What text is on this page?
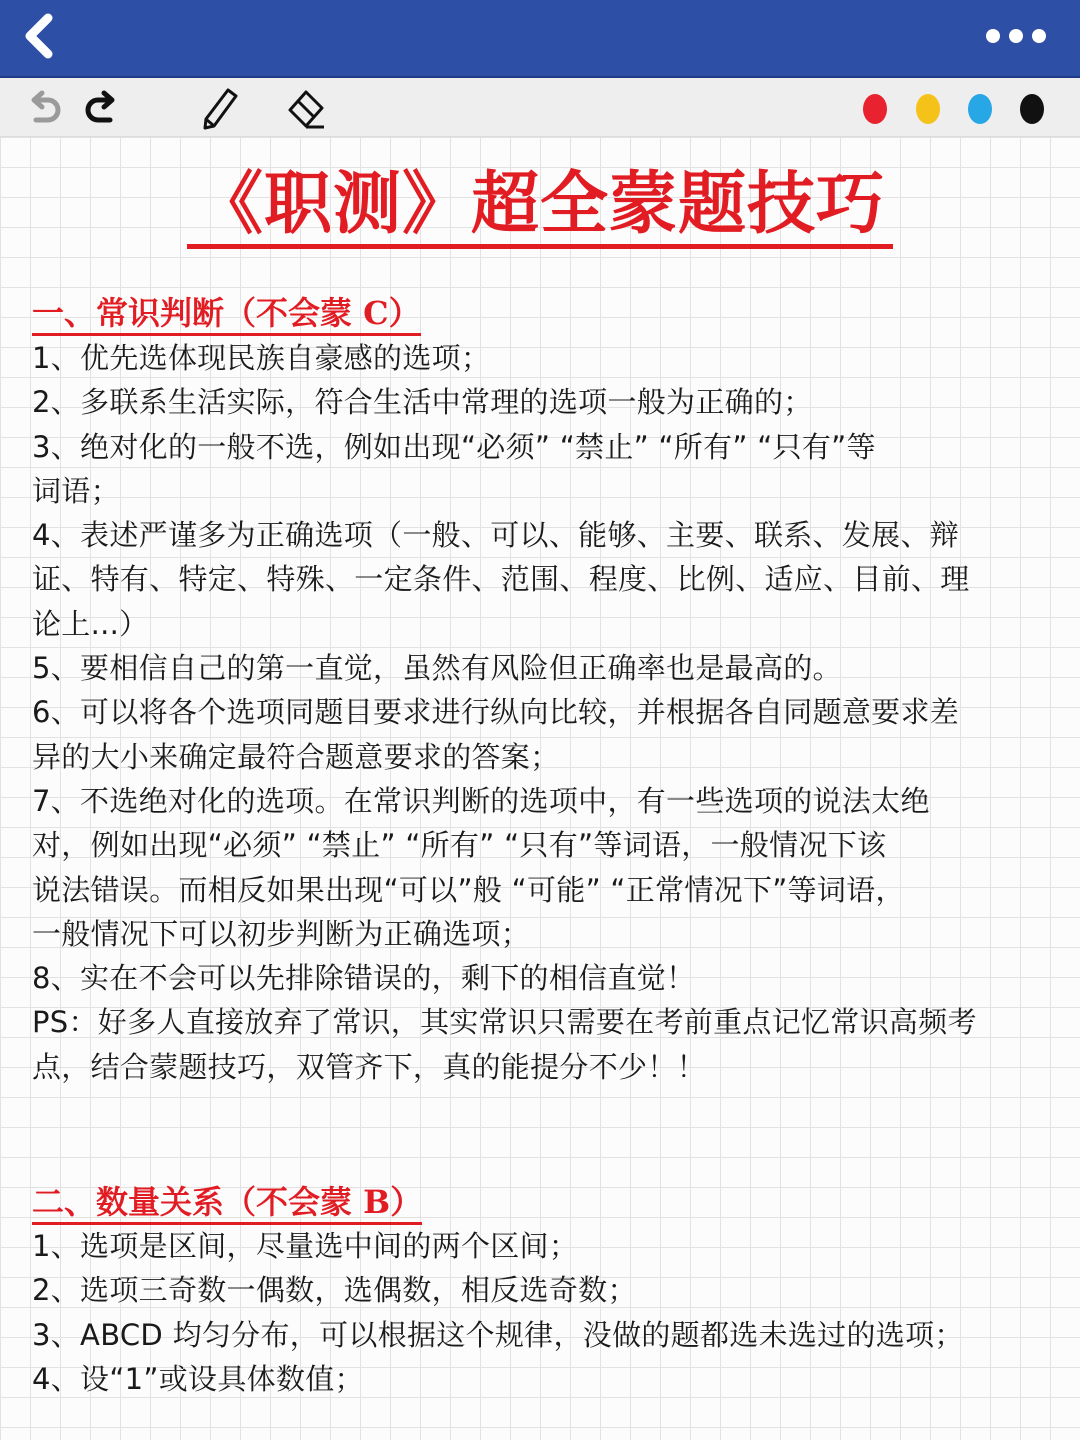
《职测》超全蒙题技巧
一、常识判断（不会蒙 C）

1、优先选体现民族自豪感的选项；

2、多联系生活实际，符合生活中常理的选项一般为正确的；

3、绝对化的一般不选，例如出现“必须” “禁止” “所有” “只有”等

词语；

4、表述严谨多为正确选项（一般、可以、能够、主要、联系、发展、辩

证、特有、特定、特殊、一定条件、范围、程度、比例、适应、目前、理

论上...）

5、要相信自己的第一直觉，虽然有风险但正确率也是最高的。

6、可以将各个选项同题目要求进行纵向比较，并根据各自同题意要求差

异的大小来确定最符合题意要求的答案；

7、不选绝对化的选项。在常识判断的选项中，有一些选项的说法太绝

对，例如出现“必须” “禁止” “所有” “只有”等词语，一般情况下该

说法错误。而相反如果出现“可以”般 “可能” “正常情况下”等词语，

一般情况下可以初步判断为正确选项；

8、实在不会可以先排除错误的，剩下的相信直觉！

PS：好多人直接放弃了常识，其实常识只需要在考前重点记忆常识高频考

点，结合蒙题技巧，双管齐下，真的能提分不少！！

二、数量关系（不会蒙 B）

1、选项是区间，尽量选中间的两个区间；

2、选项三奇数一偶数，选偶数，相反选奇数；

3、ABCD 均匀分布，可以根据这个规律，没做的题都选未选过的选项；

4、设“1”或设具体数值；
